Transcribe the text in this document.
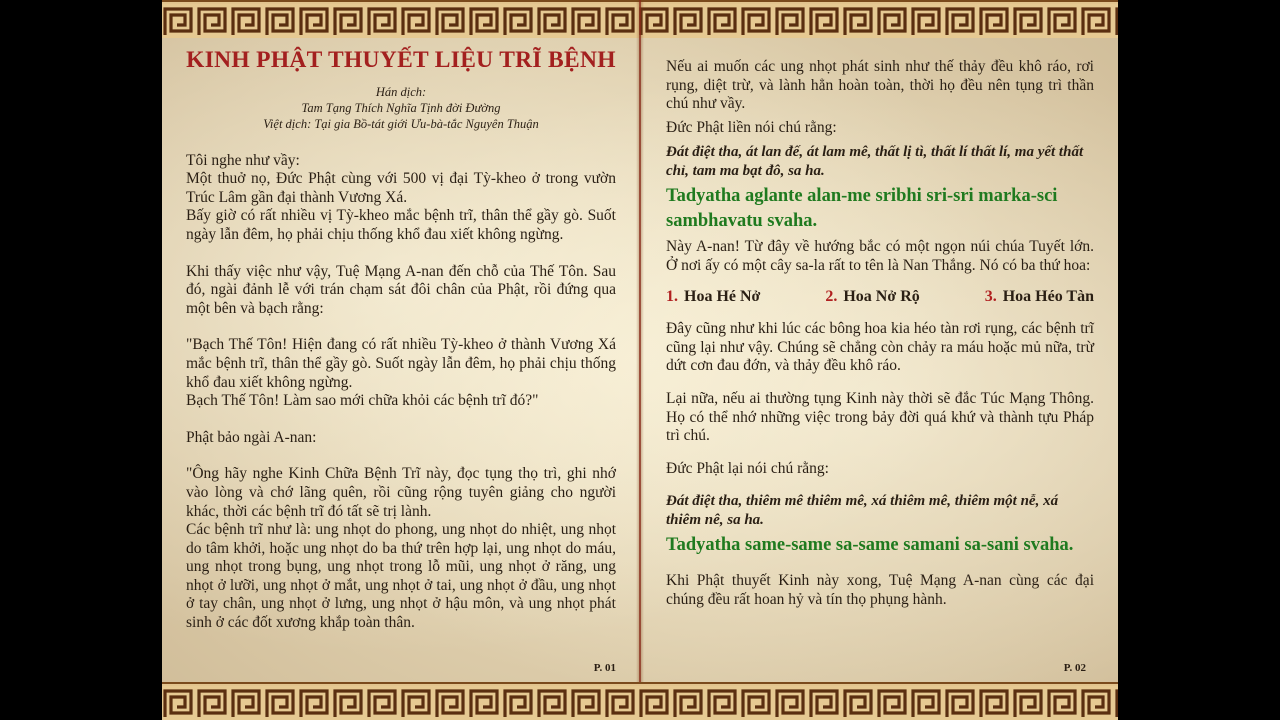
KINH PHẬT THUYẾT LIỆU TRĨ BỆNH
Hán dịch:
Tam Tạng Thích Nghĩa Tịnh đời Đường
Việt dịch: Tại gia Bồ-tát giới Ưu-bà-tắc Nguyên Thuận

Tôi nghe như vầy:

Một thuở nọ, Đức Phật cùng với 500 vị đại Tỳ-kheo ở trong vườn Trúc Lâm gần đại thành Vương Xá.

Bấy giờ có rất nhiều vị Tỳ-kheo mắc bệnh trĩ, thân thể gầy gò. Suốt ngày lẫn đêm, họ phải chịu thống khổ đau xiết không ngừng.

Khi thấy việc như vậy, Tuệ Mạng A-nan đến chỗ của Thế Tôn. Sau đó, ngài đảnh lễ với trán chạm sát đôi chân của Phật, rồi đứng qua một bên và bạch rằng:

"Bạch Thế Tôn! Hiện đang có rất nhiều Tỳ-kheo ở thành Vương Xá mắc bệnh trĩ, thân thể gầy gò. Suốt ngày lẫn đêm, họ phải chịu thống khổ đau xiết không ngừng.

Bạch Thế Tôn! Làm sao mới chữa khỏi các bệnh trĩ đó?"

Phật bảo ngài A-nan:

"Ông hãy nghe Kinh Chữa Bệnh Trĩ này, đọc tụng thọ trì, ghi nhớ vào lòng và chớ lãng quên, rồi cũng rộng tuyên giảng cho người khác, thời các bệnh trĩ đó tất sẽ trị lành.

Các bệnh trĩ như là: ung nhọt do phong, ung nhọt do nhiệt, ung nhọt do tâm khởi, hoặc ung nhọt do ba thứ trên hợp lại, ung nhọt do máu, ung nhọt trong bụng, ung nhọt trong lỗ mũi, ung nhọt ở răng, ung nhọt ở lưỡi, ung nhọt ở mắt, ung nhọt ở tai, ung nhọt ở đầu, ung nhọt ở tay chân, ung nhọt ở lưng, ung nhọt ở hậu môn, và ung nhọt phát sinh ở các đốt xương khắp toàn thân.

P. 01

Nếu ai muốn các ung nhọt phát sinh như thế thảy đều khô ráo, rơi rụng, diệt trừ, và lành hẳn hoàn toàn, thời họ đều nên tụng trì thần chú như vầy.

Đức Phật liền nói chú rằng:

Đát điệt tha, át lan đế, át lam mê, thất lị tì, thất lí thất lí, ma yết thất chỉ, tam ma bạt đô, sa ha.

Tadyatha aglante alan-me sribhi sri-sri marka-sci sambhavatu svaha.

Này A-nan! Từ đây về hướng bắc có một ngọn núi chúa Tuyết lớn. Ở nơi ấy có một cây sa-la rất to tên là Nan Thắng. Nó có ba thứ hoa:

1. Hoa Hé Nở	2. Hoa Nở Rộ	3. Hoa Héo Tàn

Đây cũng như khi lúc các bông hoa kia héo tàn rơi rụng, các bệnh trĩ cũng lại như vậy. Chúng sẽ chẳng còn chảy ra máu hoặc mủ nữa, trừ dứt cơn đau đớn, và thảy đều khô ráo.

Lại nữa, nếu ai thường tụng Kinh này thời sẽ đắc Túc Mạng Thông. Họ có thể nhớ những việc trong bảy đời quá khứ và thành tựu Pháp trì chú.

Đức Phật lại nói chú rằng:

Đát điệt tha, thiêm mê thiêm mê, xá thiêm mê, thiêm một nễ, xá thiêm nê, sa ha.

Tadyatha same-same sa-same samani sa-sani svaha.

Khi Phật thuyết Kinh này xong, Tuệ Mạng A-nan cùng các đại chúng đều rất hoan hỷ và tín thọ phụng hành.

P. 02
